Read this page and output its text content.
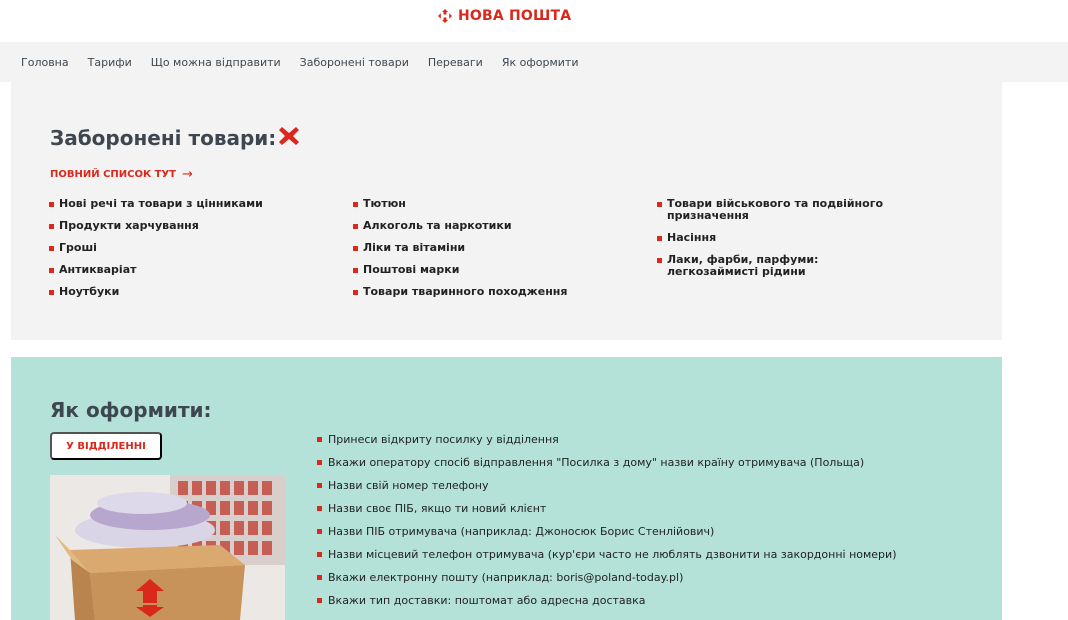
НОВА ПОШТА
Головна Тарифи Що можна відправити Заборонені товари Переваги Як оформити
Заборонені товари:
ПОВНИЙ СПИСОК ТУТ →
Нові речі та товари з цінниками
Продукти харчування
Гроші
Антикваріат
Ноутбуки
Тютюн
Алкоголь та наркотики
Ліки та вітаміни
Поштові марки
Товари тваринного походження
Товари військового та подвійного призначення
Насіння
Лаки, фарби, парфуми: легкозаймисті рідини
Як оформити:
У ВІДДІЛЕННІ	Принеси відкриту посилку у відділення
Вкажи оператору спосіб відправлення "Посилка з дому" назви країну отримувача (Польща)
Назви свій номер телефону
Назви своє ПІБ, якщо ти новий клієнт
Назви ПІБ отримувача (наприклад: Джоносюк Борис Стенлійович)
Назви місцевий телефон отримувача (кур'єри часто не люблять дзвонити на закордонні номери)
Вкажи електронну пошту (наприклад: boris@poland-today.pl)
Вкажи тип доставки: поштомат або адресна доставка
